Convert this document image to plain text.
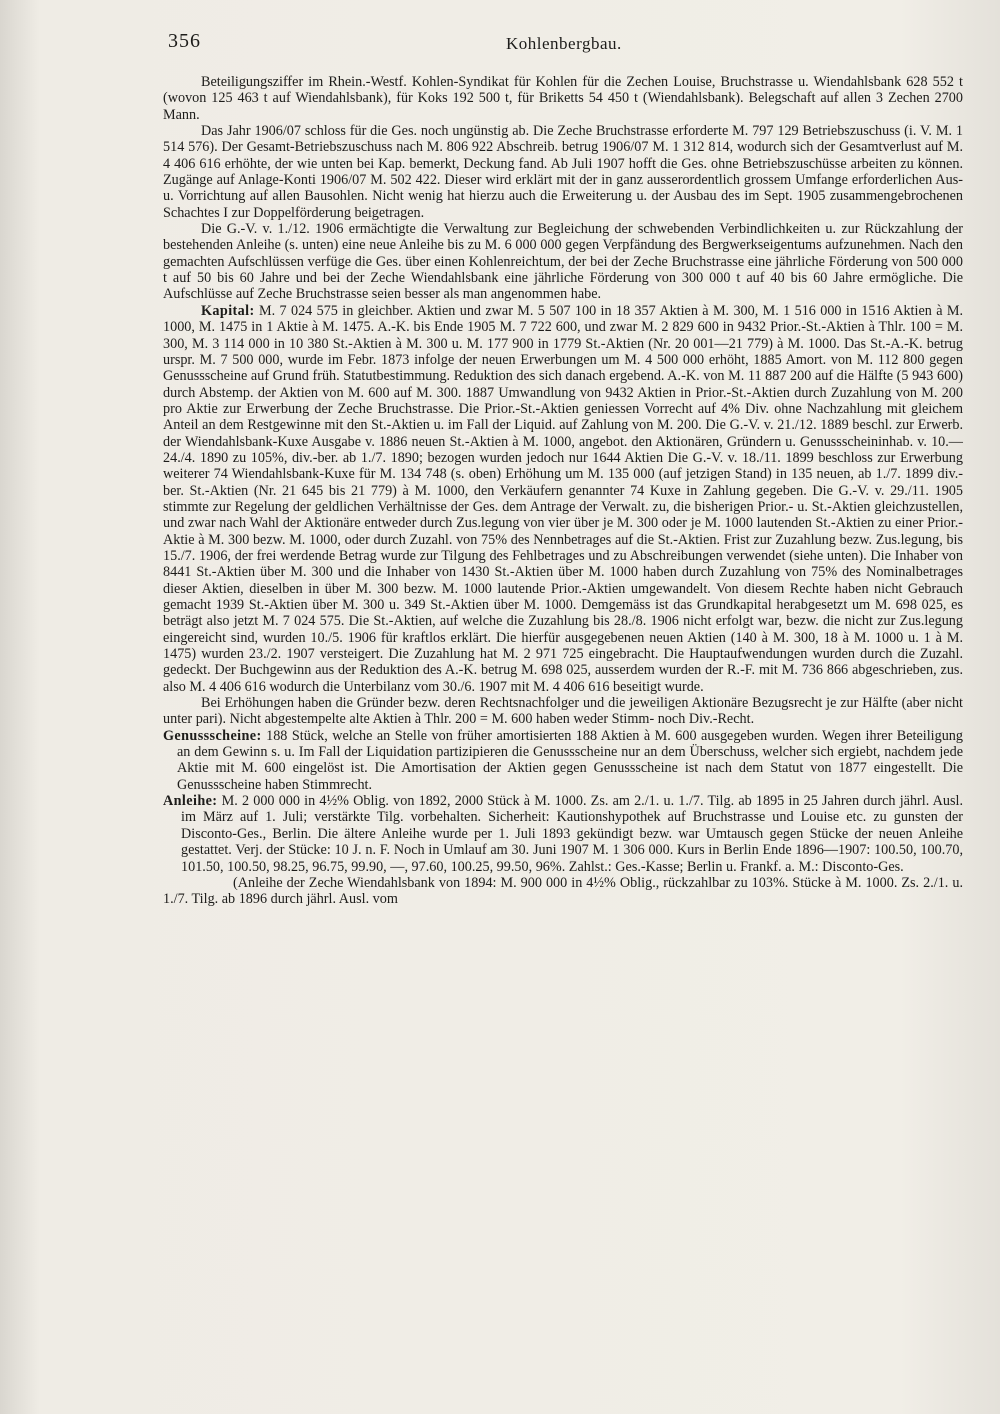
356	Kohlenbergbau.

Beteiligungsziffer im Rhein.-Westf. Kohlen-Syndikat für Kohlen für die Zechen Louise, Bruchstrasse u. Wiendahlsbank 628 552 t (wovon 125 463 t auf Wiendahlsbank), für Koks 192 500 t, für Briketts 54 450 t (Wiendahlsbank). Belegschaft auf allen 3 Zechen 2700 Mann.

Das Jahr 1906/07 schloss für die Ges. noch ungünstig ab. Die Zeche Bruchstrasse erforderte M. 797 129 Betriebszuschuss (i. V. M. 1 514 576). Der Gesamt-Betriebszuschuss nach M. 806 922 Abschreib. betrug 1906/07 M. 1 312 814, wodurch sich der Gesamtverlust auf M. 4 406 616 erhöhte, der wie unten bei Kap. bemerkt, Deckung fand. Ab Juli 1907 hofft die Ges. ohne Betriebszuschüsse arbeiten zu können. Zugänge auf Anlage-Konti 1906/07 M. 502 422. Dieser wird erklärt mit der in ganz ausserordentlich grossem Umfange erforderlichen Aus- u. Vorrichtung auf allen Bausohlen. Nicht wenig hat hierzu auch die Erweiterung u. der Ausbau des im Sept. 1905 zusammengebrochenen Schachtes I zur Doppelförderung beigetragen.

Die G.-V. v. 1./12. 1906 ermächtigte die Verwaltung zur Begleichung der schwebenden Verbindlichkeiten u. zur Rückzahlung der bestehenden Anleihe (s. unten) eine neue Anleihe bis zu M. 6 000 000 gegen Verpfändung des Bergwerkseigentums aufzunehmen. Nach den gemachten Aufschlüssen verfüge die Ges. über einen Kohlenreichtum, der bei der Zeche Bruchstrasse eine jährliche Förderung von 500 000 t auf 50 bis 60 Jahre und bei der Zeche Wiendahlsbank eine jährliche Förderung von 300 000 t auf 40 bis 60 Jahre ermögliche. Die Aufschlüsse auf Zeche Bruchstrasse seien besser als man angenommen habe.

Kapital: M. 7 024 575 in gleichber. Aktien und zwar M. 5 507 100 in 18 357 Aktien à M. 300, M. 1 516 000 in 1516 Aktien à M. 1000, M. 1475 in 1 Aktie à M. 1475. A.-K. bis Ende 1905 M. 7 722 600, und zwar M. 2 829 600 in 9432 Prior.-St.-Aktien à Thlr. 100 = M. 300, M. 3 114 000 in 10 380 St.-Aktien à M. 300 u. M. 177 900 in 1779 St.-Aktien (Nr. 20 001—21 779) à M. 1000. Das St.-A.-K. betrug urspr. M. 7 500 000, wurde im Febr. 1873 infolge der neuen Erwerbungen um M. 4 500 000 erhöht, 1885 Amort. von M. 112 800 gegen Genussscheine auf Grund früh. Statutbestimmung. Reduktion des sich danach ergebend. A.-K. von M. 11 887 200 auf die Hälfte (5 943 600) durch Abstemp. der Aktien von M. 600 auf M. 300. 1887 Umwandlung von 9432 Aktien in Prior.-St.-Aktien durch Zuzahlung von M. 200 pro Aktie zur Erwerbung der Zeche Bruchstrasse. Die Prior.-St.-Aktien geniessen Vorrecht auf 4% Div. ohne Nachzahlung mit gleichem Anteil an dem Restgewinne mit den St.-Aktien u. im Fall der Liquid. auf Zahlung von M. 200. Die G.-V. v. 21./12. 1889 beschl. zur Erwerb. der Wiendahlsbank-Kuxe Ausgabe v. 1886 neuen St.-Aktien à M. 1000, angebot. den Aktionären, Gründern u. Genussscheininhab. v. 10.—24./4. 1890 zu 105%, div.-ber. ab 1./7. 1890; bezogen wurden jedoch nur 1644 Aktien Die G.-V. v. 18./11. 1899 beschloss zur Erwerbung weiterer 74 Wiendahlsbank-Kuxe für M. 134 748 (s. oben) Erhöhung um M. 135 000 (auf jetzigen Stand) in 135 neuen, ab 1./7. 1899 div.-ber. St.-Aktien (Nr. 21 645 bis 21 779) à M. 1000, den Verkäufern genannter 74 Kuxe in Zahlung gegeben. Die G.-V. v. 29./11. 1905 stimmte zur Regelung der geldlichen Verhältnisse der Ges. dem Antrage der Verwalt. zu, die bisherigen Prior.- u. St.-Aktien gleichzustellen, und zwar nach Wahl der Aktionäre entweder durch Zus.legung von vier über je M. 300 oder je M. 1000 lautenden St.-Aktien zu einer Prior.-Aktie à M. 300 bezw. M. 1000, oder durch Zuzahl. von 75% des Nennbetrages auf die St.-Aktien. Frist zur Zuzahlung bezw. Zus.legung, bis 15./7. 1906, der frei werdende Betrag wurde zur Tilgung des Fehlbetrages und zu Abschreibungen verwendet (siehe unten). Die Inhaber von 8441 St.-Aktien über M. 300 und die Inhaber von 1430 St.-Aktien über M. 1000 haben durch Zuzahlung von 75% des Nominalbetrages dieser Aktien, dieselben in über M. 300 bezw. M. 1000 lautende Prior.-Aktien umgewandelt. Von diesem Rechte haben nicht Gebrauch gemacht 1939 St.-Aktien über M. 300 u. 349 St.-Aktien über M. 1000. Demgemäss ist das Grundkapital herabgesetzt um M. 698 025, es beträgt also jetzt M. 7 024 575. Die St.-Aktien, auf welche die Zuzahlung bis 28./8. 1906 nicht erfolgt war, bezw. die nicht zur Zus.legung eingereicht sind, wurden 10./5. 1906 für kraftlos erklärt. Die hierfür ausgegebenen neuen Aktien (140 à M. 300, 18 à M. 1000 u. 1 à M. 1475) wurden 23./2. 1907 versteigert. Die Zuzahlung hat M. 2 971 725 eingebracht. Die Hauptaufwendungen wurden durch die Zuzahl. gedeckt. Der Buchgewinn aus der Reduktion des A.-K. betrug M. 698 025, ausserdem wurden der R.-F. mit M. 736 866 abgeschrieben, zus. also M. 4 406 616 wodurch die Unterbilanz vom 30./6. 1907 mit M. 4 406 616 beseitigt wurde.

Bei Erhöhungen haben die Gründer bezw. deren Rechtsnachfolger und die jeweiligen Aktionäre Bezugsrecht je zur Hälfte (aber nicht unter pari). Nicht abgestempelte alte Aktien à Thlr. 200 = M. 600 haben weder Stimm- noch Div.-Recht.

Genussscheine: 188 Stück, welche an Stelle von früher amortisierten 188 Aktien à M. 600 ausgegeben wurden. Wegen ihrer Beteiligung an dem Gewinn s. u. Im Fall der Liquidation partizipieren die Genussscheine nur an dem Überschuss, welcher sich ergiebt, nachdem jede Aktie mit M. 600 eingelöst ist. Die Amortisation der Aktien gegen Genussscheine ist nach dem Statut von 1877 eingestellt. Die Genussscheine haben Stimmrecht.

Anleihe: M. 2 000 000 in 4½% Oblig. von 1892, 2000 Stück à M. 1000. Zs. am 2./1. u. 1./7. Tilg. ab 1895 in 25 Jahren durch jährl. Ausl. im März auf 1. Juli; verstärkte Tilg. vorbehalten. Sicherheit: Kautionshypothek auf Bruchstrasse und Louise etc. zu gunsten der Disconto-Ges., Berlin. Die ältere Anleihe wurde per 1. Juli 1893 gekündigt bezw. war Umtausch gegen Stücke der neuen Anleihe gestattet. Verj. der Stücke: 10 J. n. F. Noch in Umlauf am 30. Juni 1907 M. 1 306 000. Kurs in Berlin Ende 1896—1907: 100.50, 100.70, 101.50, 100.50, 98.25, 96.75, 99.90, —, 97.60, 100.25, 99.50, 96%. Zahlst.: Ges.-Kasse; Berlin u. Frankf. a. M.: Disconto-Ges.

(Anleihe der Zeche Wiendahlsbank von 1894: M. 900 000 in 4½% Oblig., rückzahlbar zu 103%. Stücke à M. 1000. Zs. 2./1. u. 1./7. Tilg. ab 1896 durch jährl. Ausl. vom
